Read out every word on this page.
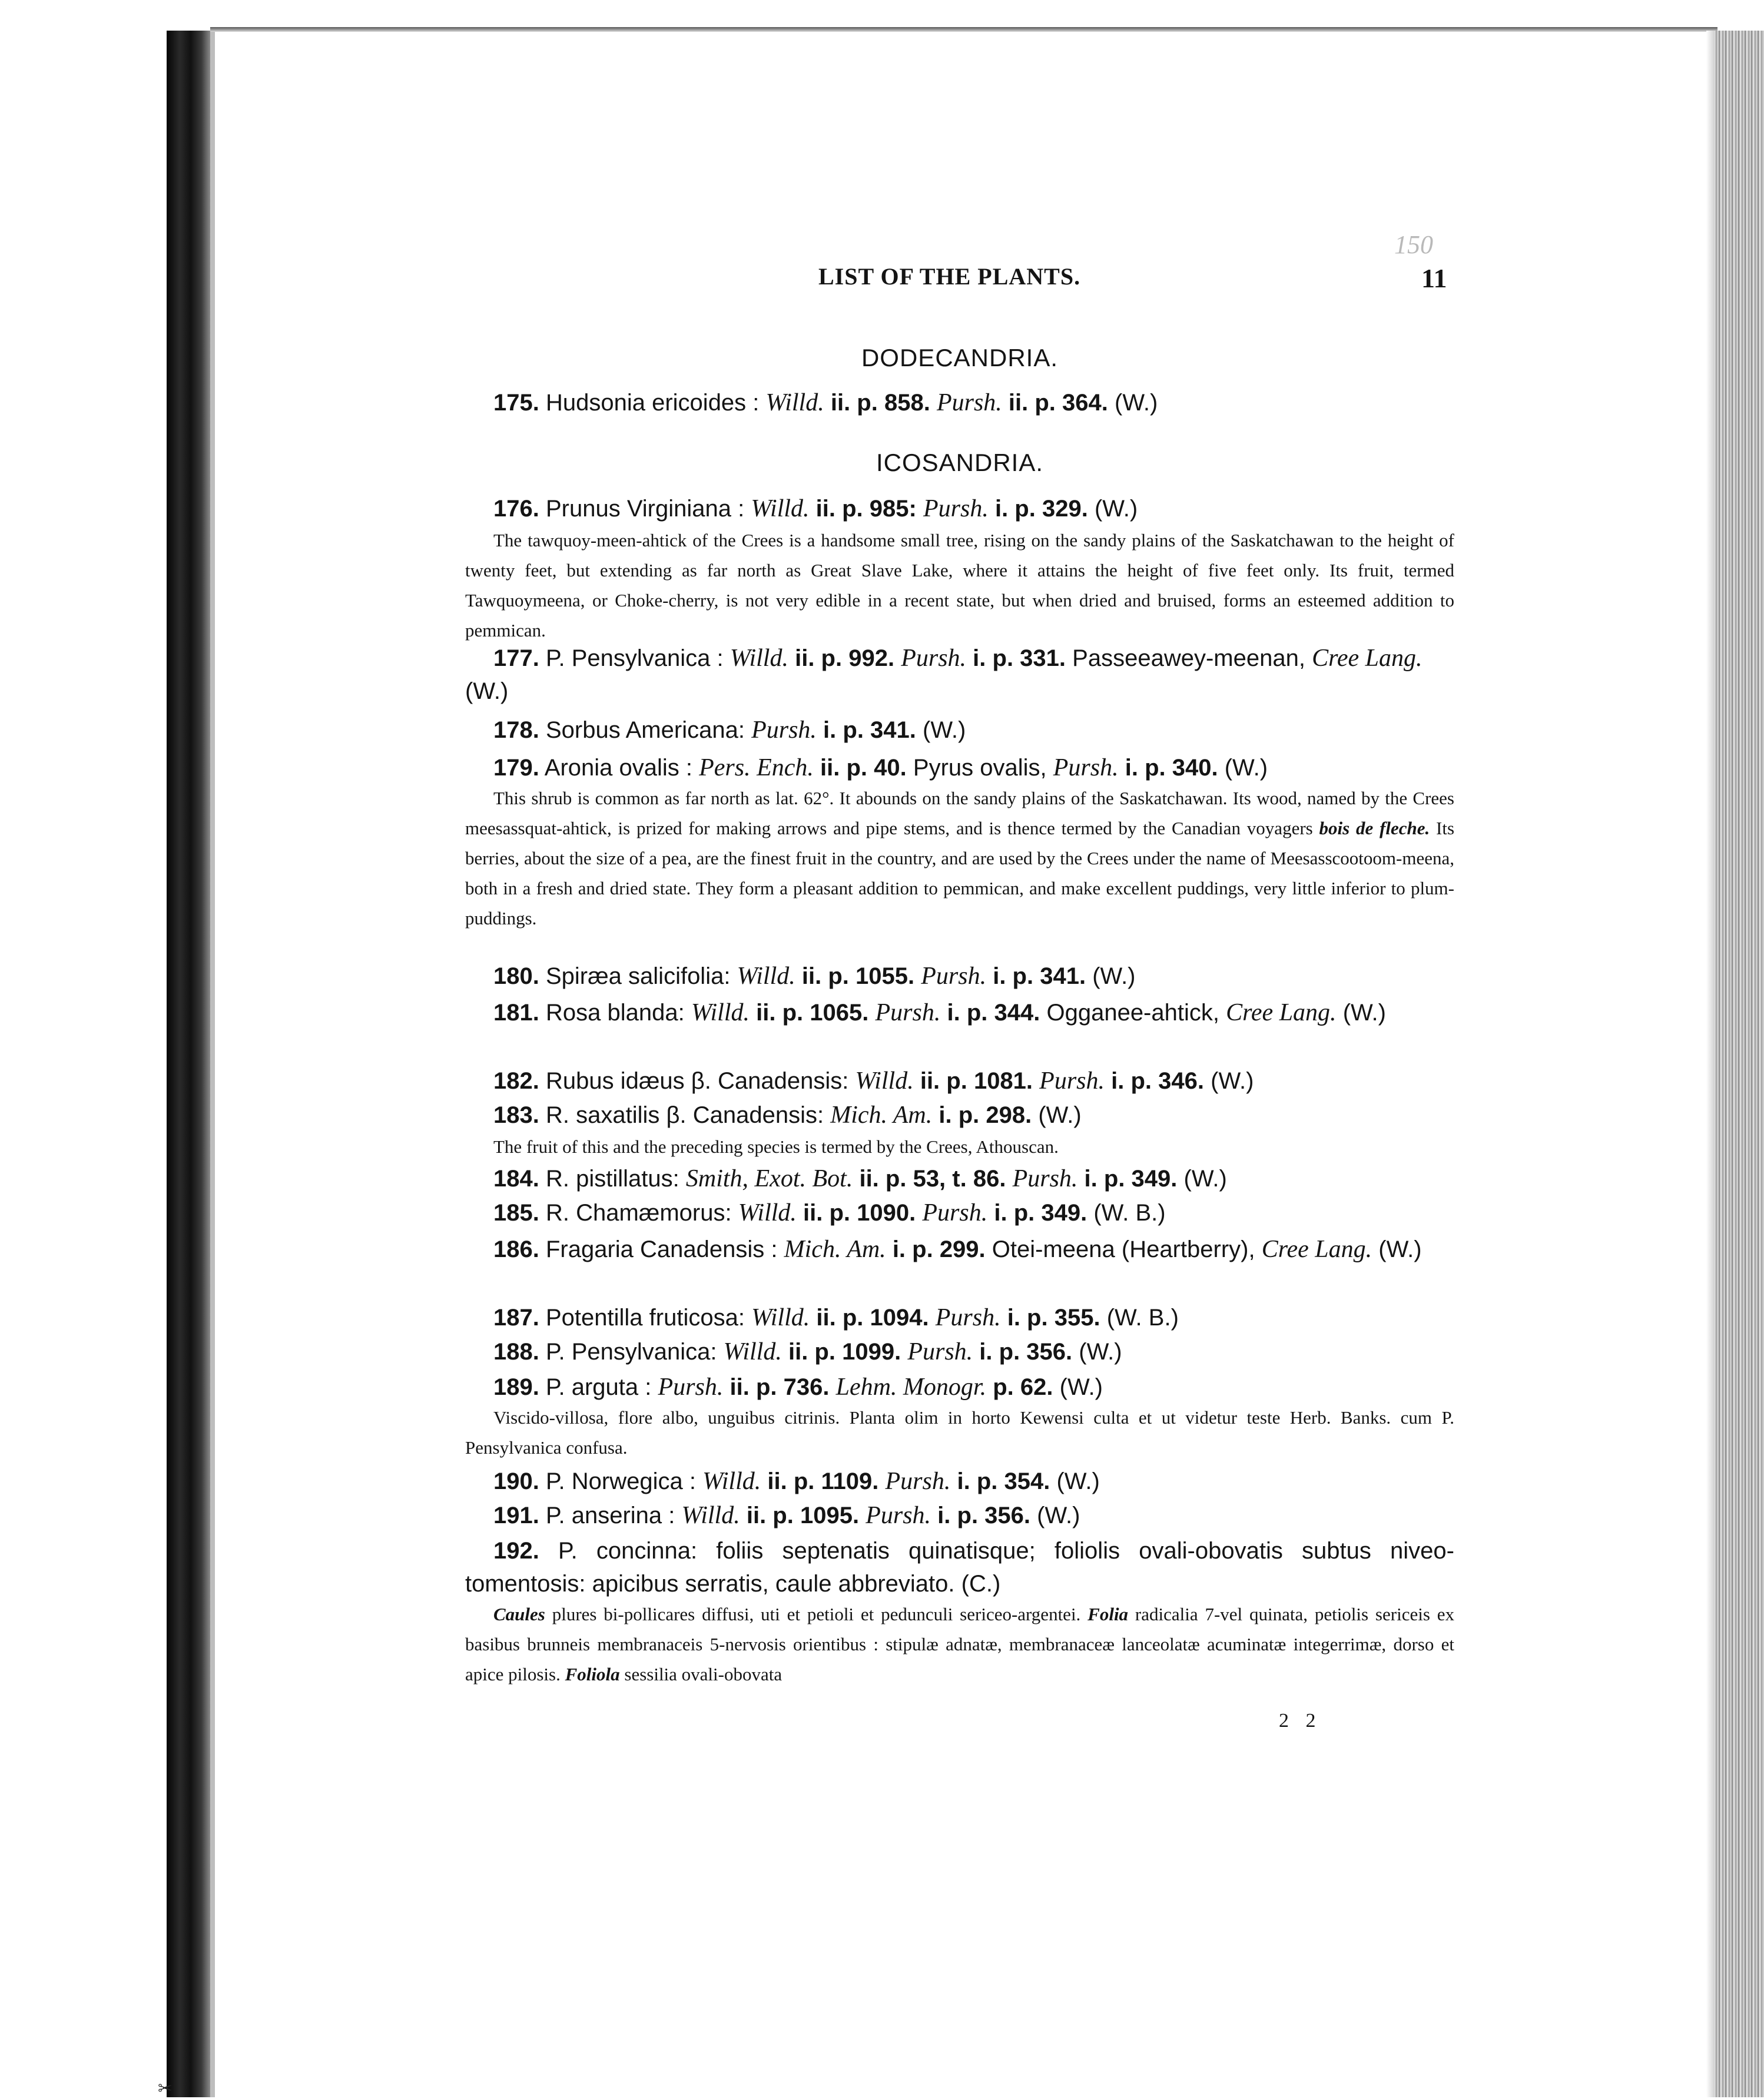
✂
150
LIST OF THE PLANTS.	11
DODECANDRIA.
175. Hudsonia ericoides : Willd. ii. p. 858. Pursh. ii. p. 364. (W.)
ICOSANDRIA.
176. Prunus Virginiana : Willd. ii. p. 985: Pursh. i. p. 329. (W.)
The tawquoy-meen-ahtick of the Crees is a handsome small tree, rising on the sandy plains of the Saskatchawan to the height of twenty feet, but extending as far north as Great Slave Lake, where it attains the height of five feet only. Its fruit, termed Tawquoymeena, or Choke-cherry, is not very edible in a recent state, but when dried and bruised, forms an esteemed addition to pemmican.
177. P. Pensylvanica : Willd. ii. p. 992. Pursh. i. p. 331. Passeeawey-meenan, Cree Lang. (W.)
178. Sorbus Americana: Pursh. i. p. 341. (W.)
179. Aronia ovalis : Pers. Ench. ii. p. 40. Pyrus ovalis, Pursh. i. p. 340. (W.)
This shrub is common as far north as lat. 62°. It abounds on the sandy plains of the Saskatchawan. Its wood, named by the Crees meesassquat-ahtick, is prized for making arrows and pipe stems, and is thence termed by the Canadian voyagers bois de fleche. Its berries, about the size of a pea, are the finest fruit in the country, and are used by the Crees under the name of Meesasscootoom-meena, both in a fresh and dried state. They form a pleasant addition to pemmican, and make excellent puddings, very little inferior to plum-puddings.
180. Spiræa salicifolia: Willd. ii. p. 1055. Pursh. i. p. 341. (W.)
181. Rosa blanda: Willd. ii. p. 1065. Pursh. i. p. 344. Ogganee-ahtick, Cree Lang. (W.)
182. Rubus idæus β. Canadensis: Willd. ii. p. 1081. Pursh. i. p. 346. (W.)
183. R. saxatilis β. Canadensis: Mich. Am. i. p. 298. (W.)
The fruit of this and the preceding species is termed by the Crees, Athouscan.
184. R. pistillatus: Smith, Exot. Bot. ii. p. 53, t. 86. Pursh. i. p. 349. (W.)
185. R. Chamæmorus: Willd. ii. p. 1090. Pursh. i. p. 349. (W. B.)
186. Fragaria Canadensis : Mich. Am. i. p. 299. Otei-meena (Heartberry), Cree Lang. (W.)
187. Potentilla fruticosa: Willd. ii. p. 1094. Pursh. i. p. 355. (W. B.)
188. P. Pensylvanica: Willd. ii. p. 1099. Pursh. i. p. 356. (W.)
189. P. arguta : Pursh. ii. p. 736. Lehm. Monogr. p. 62. (W.)
Viscido-villosa, flore albo, unguibus citrinis. Planta olim in horto Kewensi culta et ut videtur teste Herb. Banks. cum P. Pensylvanica confusa.
190. P. Norwegica : Willd. ii. p. 1109. Pursh. i. p. 354. (W.)
191. P. anserina : Willd. ii. p. 1095. Pursh. i. p. 356. (W.)
192. P. concinna: foliis septenatis quinatisque; foliolis ovali-obovatis subtus niveo-tomentosis: apicibus serratis, caule abbreviato. (C.)
Caules plures bi-pollicares diffusi, uti et petioli et pedunculi sericeo-argentei. Folia radicalia 7-vel quinata, petiolis sericeis ex basibus brunneis membranaceis 5-nervosis orientibus : stipulæ adnatæ, membranaceæ lanceolatæ acuminatæ integerrimæ, dorso et apice pilosis. Foliola sessilia ovali-obovata
2 2
